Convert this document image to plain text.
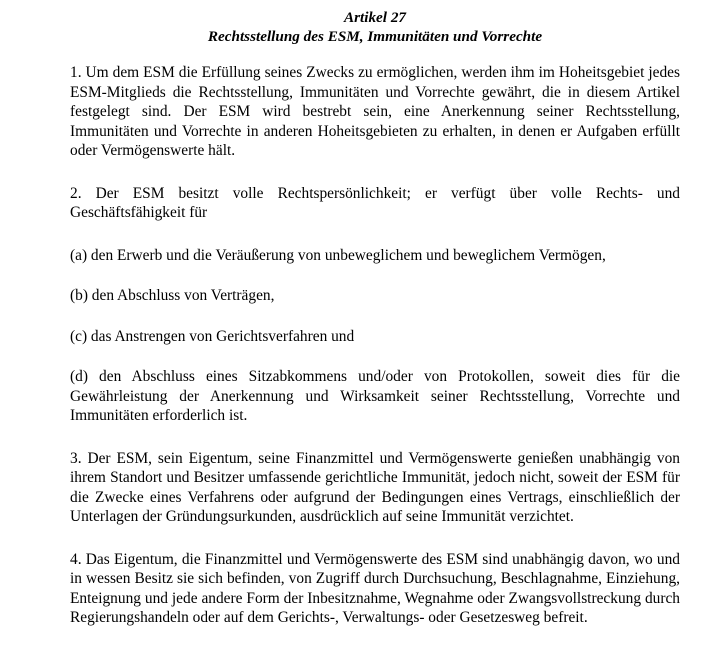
Artikel 27

Rechtsstellung des ESM, Immunitäten und Vorrechte

1. Um dem ESM die Erfüllung seines Zwecks zu ermöglichen, werden ihm im Hoheitsgebiet jedes ESM-Mitglieds die Rechtsstellung, Immunitäten und Vorrechte gewährt, die in diesem Artikel festgelegt sind. Der ESM wird bestrebt sein, eine Anerkennung seiner Rechtsstellung, Immunitäten und Vorrechte in anderen Hoheitsgebieten zu erhalten, in denen er Aufgaben erfüllt oder Vermögenswerte hält.

2. Der ESM besitzt volle Rechtspersönlichkeit; er verfügt über volle Rechts- und Geschäftsfähigkeit für

(a) den Erwerb und die Veräußerung von unbeweglichem und beweglichem Vermögen,

(b) den Abschluss von Verträgen,

(c) das Anstrengen von Gerichtsverfahren und

(d) den Abschluss eines Sitzabkommens und/oder von Protokollen, soweit dies für die Gewährleistung der Anerkennung und Wirksamkeit seiner Rechtsstellung, Vorrechte und Immunitäten erforderlich ist.

3. Der ESM, sein Eigentum, seine Finanzmittel und Vermögenswerte genießen unabhängig von ihrem Standort und Besitzer umfassende gerichtliche Immunität, jedoch nicht, soweit der ESM für die Zwecke eines Verfahrens oder aufgrund der Bedingungen eines Vertrags, einschließlich der Unterlagen der Gründungsurkunden, ausdrücklich auf seine Immunität verzichtet.

4. Das Eigentum, die Finanzmittel und Vermögenswerte des ESM sind unabhängig davon, wo und in wessen Besitz sie sich befinden, von Zugriff durch Durchsuchung, Beschlagnahme, Einziehung, Enteignung und jede andere Form der Inbesitznahme, Wegnahme oder Zwangsvollstreckung durch Regierungshandeln oder auf dem Gerichts-, Verwaltungs- oder Gesetzesweg befreit.
